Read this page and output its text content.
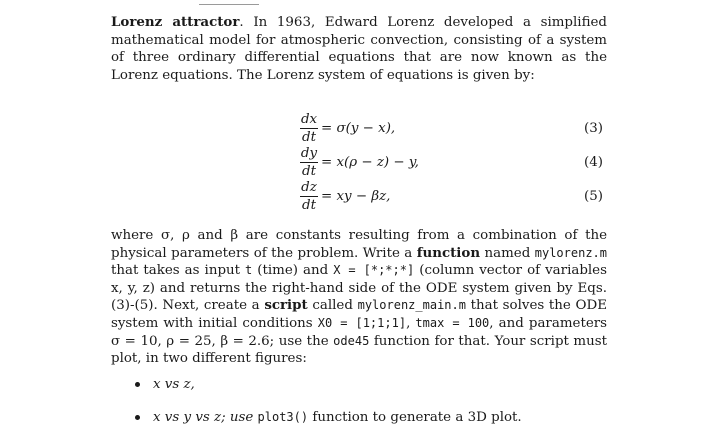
Lorenz attractor. In 1963, Edward Lorenz developed a simplified mathematical model for atmospheric convection, consisting of a system of three ordinary differential equations that are now known as the Lorenz equations. The Lorenz system of equations is given by:

$\frac{dx}{dt} = \sigma(y - x)$,	(3)
$\frac{dy}{dt} = x(\rho - z) - y$,	(4)
$\frac{dz}{dt}$ = xy − βz,	(5)

where σ, ρ and β are constants resulting from a combination of the physical parameters of the problem. Write a function named mylorenz.m that takes as input t (time) and X = [*;*;*] (column vector of variables x, y, z) and returns the right-hand side of the ODE system given by Eqs. (3)-(5). Next, create a script called mylorenz_main.m that solves the ODE system with initial conditions X0 = [1;1;1], tmax = 100, and parameters σ = 10, ρ = 25, β = 2.6; use the ode45 function for that. Your script must plot, in two different figures:

x vs z,
x vs y vs z; use plot3() function to generate a 3D plot.
